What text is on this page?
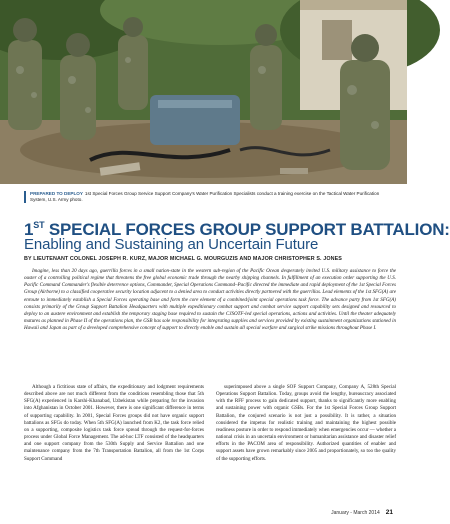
PREPARED TO DEPLOY 1st Special Forces Group Service Support Company's Water Purification Specialists conduct a training exercise on the Tactical Water Purification System, U.S. Army photo.
1ST SPECIAL FORCES GROUP SUPPORT BATTALION:
Enabling and Sustaining an Uncertain Future
BY LIEUTENANT COLONEL JOSEPH R. KURZ, MAJOR MICHAEL G. MOURGUZIS AND MAJOR CHRISTOPHER S. JONES

Imagine, less than 20 days ago, guerrilla forces in a small nation-state in the western sub-region of the Pacific Ocean desperately invited U.S. military assistance to force the ouster of a controlling political regime that threatens the free global economic trade through the nearby shipping channels. In fulfillment of an execution order supporting the U.S. Pacific Command Commander's flexible deterrence options, Commander, Special Operations Command–Pacific directed the immediate and rapid deployment of the 1st Special Forces Group (Airborne) to a classified cooperative security location adjacent to a denied area to conduct activities directly partnered with the guerrillas. Lead elements of the 1st SFG(A) are enroute to immediately establish a Special Forces operating base and form the core element of a combined/joint special operations task force. The advance party from 1st SFG(A) consists primarily of the Group Support Battalion Headquarters with multiple expeditionary combat support and combat service support capability sets designed and resourced to deploy to an austere environment and establish the temporary staging base required to sustain the CJSOTF-led special operations, actions and activities. Until the theater adequately matures as planned in Phase II of the operations plan, the GSB has sole responsibility for integrating supplies and services provided by existing sustainment organizations stationed in Hawaii and Japan as part of a developed comprehensive concept of support to directly enable and sustain all special warfare and surgical strike missions throughout Phase I.

Although a fictitious state of affairs, the expeditionary and lodgment requirements described above are not much different from the conditions resembling those that 5th SFG(A) experienced in Karshi-Khanabad, Uzbekistan while preparing for the invasion into Afghanistan in October 2001. However, there is one significant difference in terms of supporting capability. In 2001, Special Forces groups did not have organic support battalions as SFGs do today. When 5th SFG(A) launched from K2, the task force relied on a supporting, composite logistics task force spread through the request-for-forces process under Global Force Management. The ad-hoc LTF consisted of the headquarters and one support company from the 530th Supply and Service Battalion and one maintenance company from the 7th Transportation Battalion, all from the 1st Corps Support Command

superimposed above a single SOF Support Company, Company A, 528th Special Operations Support Battalion. Today, groups avoid the lengthy, bureaucracy associated with the RFF process to gain dedicated support, thanks to significantly more enabling and sustaining power with organic GSBs. For the 1st Special Forces Group Support Battalion, the conjured scenario is not just a possibility. It is rather, a situation considered the impetus for realistic training and maintaining the highest possible readiness posture in order to respond immediately when emergencies occur — whether a national crisis in an uncertain environment or humanitarian assistance and disaster relief efforts in the PACOM area of responsibility. Authorized quantities of enabler and support assets have grown remarkably since 2005 and proportionately, so too the quality of the supporting efforts.

January - March 2014 21
